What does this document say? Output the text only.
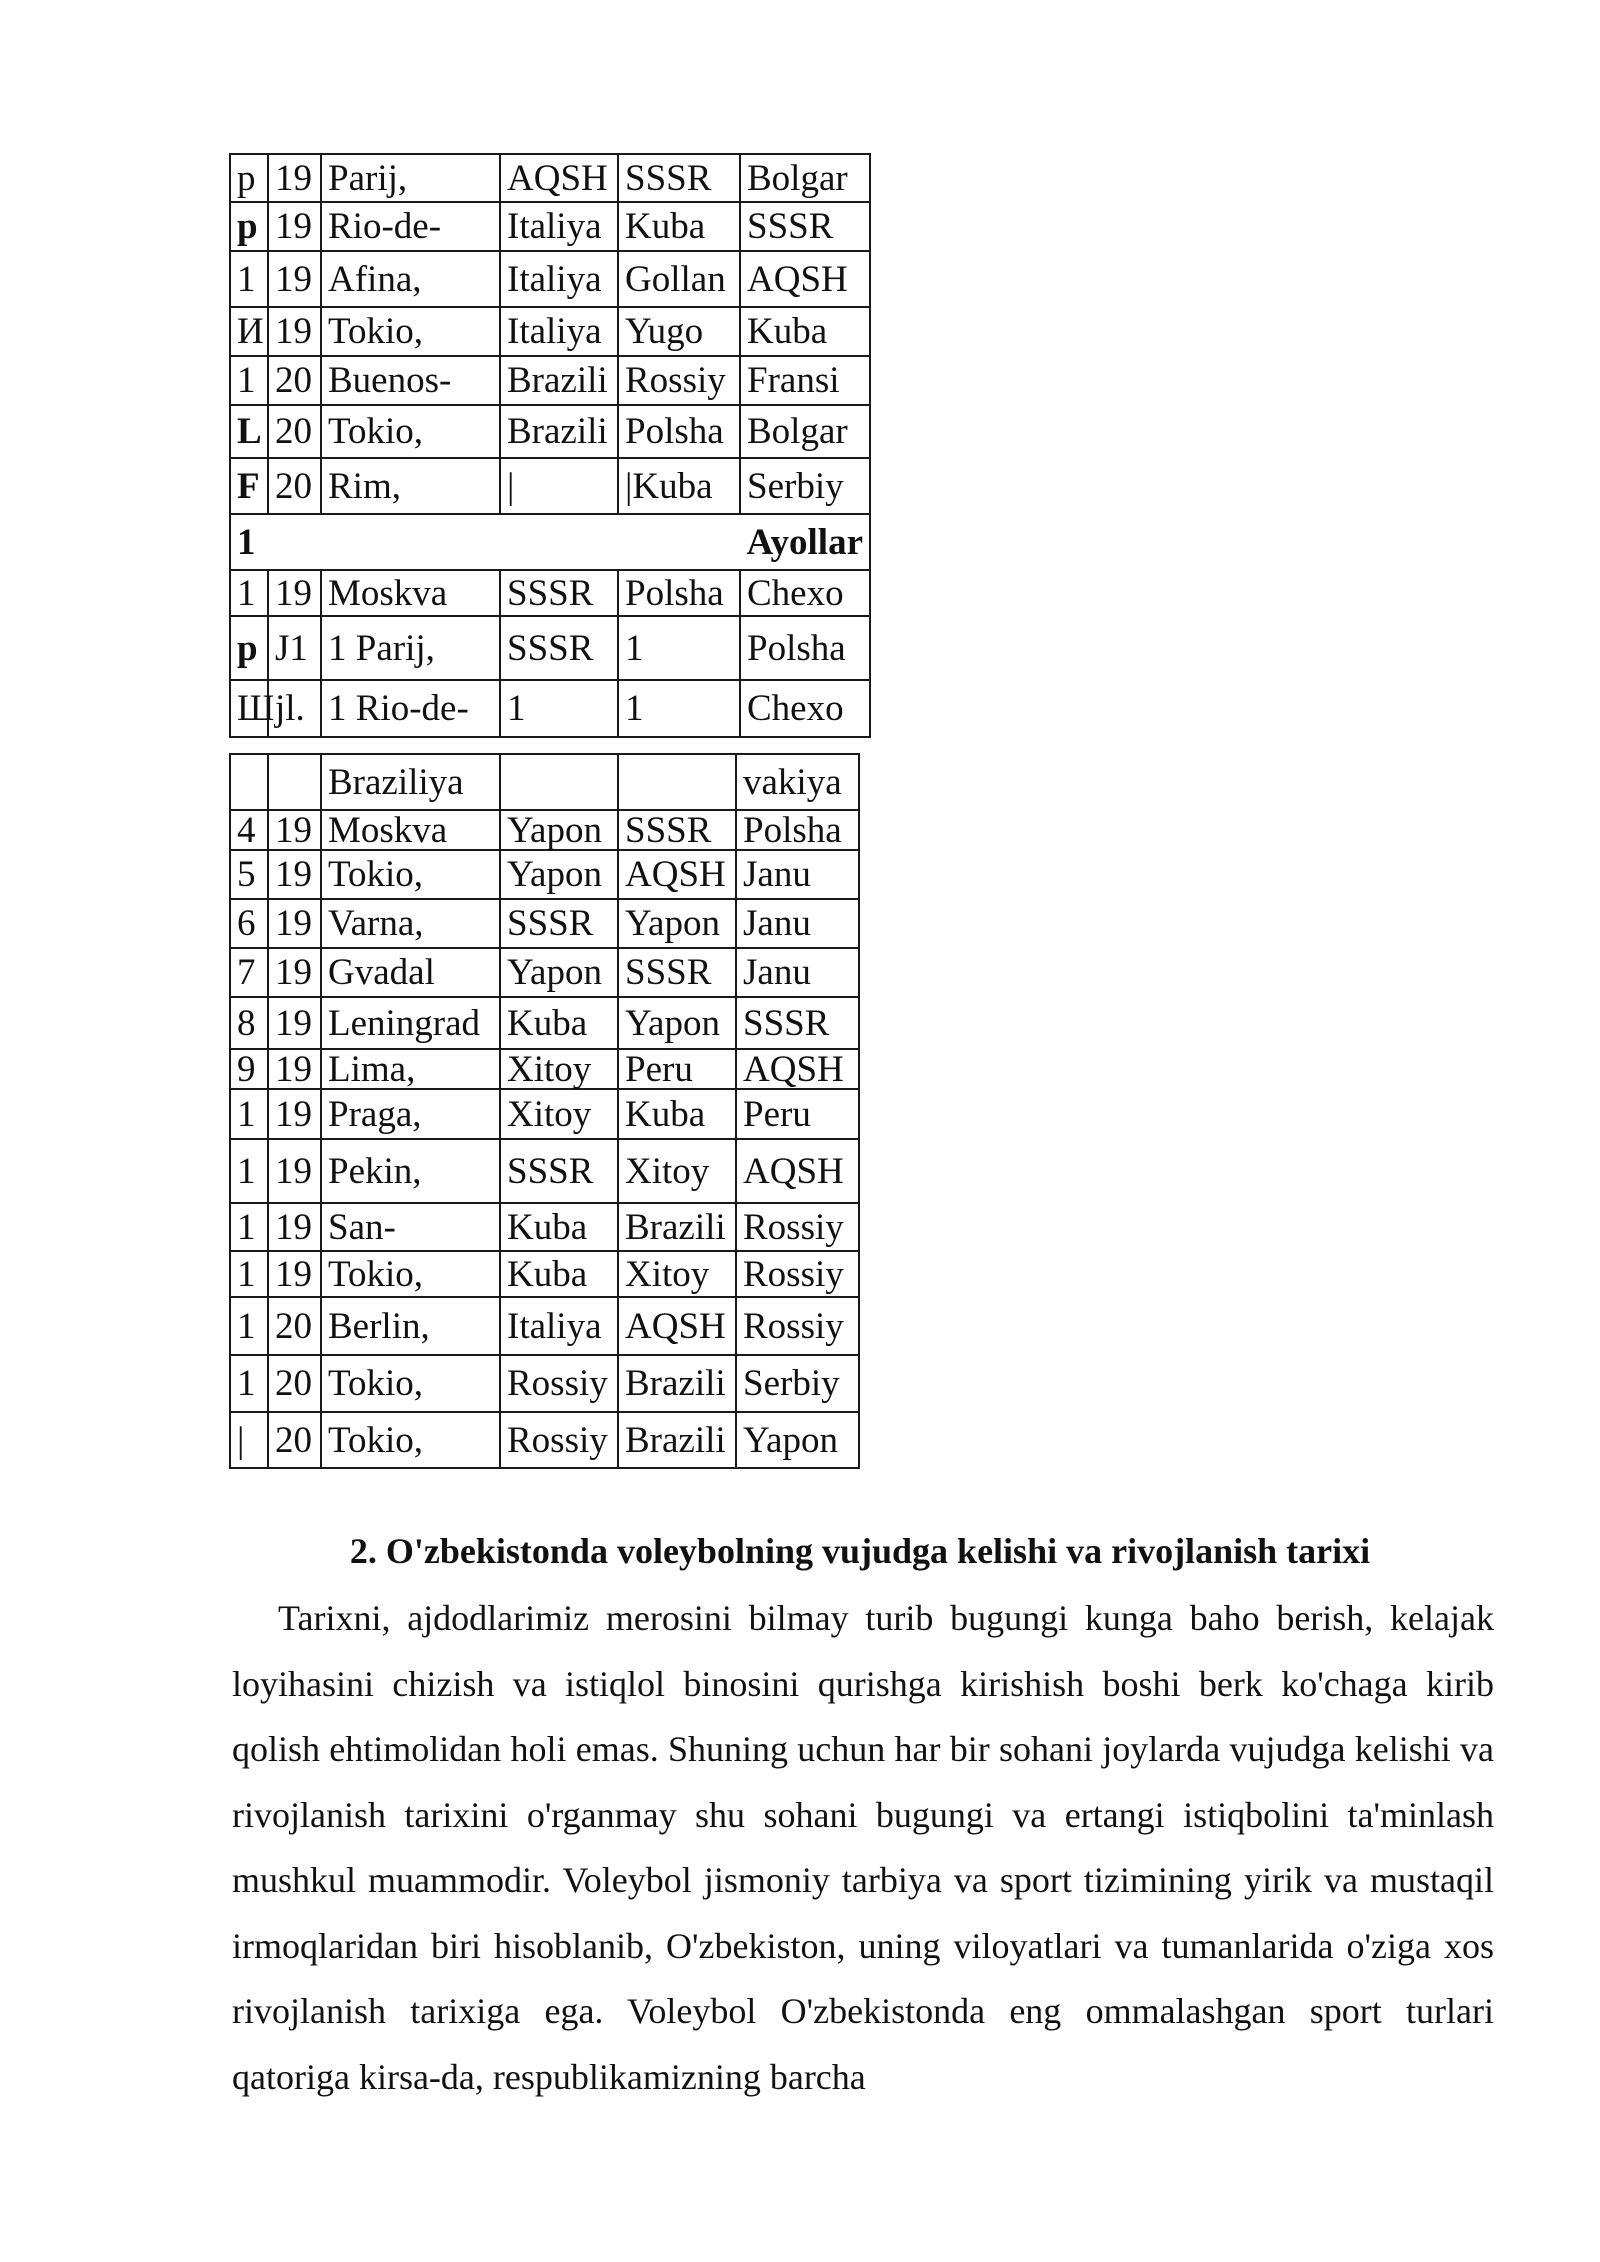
p	19	Parij,	AQSH	SSSR	Bolgar
p	19	Rio-de-	Italiya	Kuba	SSSR
1	19	Afina,	Italiya	Gollan	AQSH
И	19	Tokio,	Italiya	Yugo	Kuba
1	20	Buenos-	Brazili	Rossiy	Fransi
L	20	Tokio,	Brazili	Polsha	Bolgar
F	20	Rim,	|	|Kuba	Serbiy
1	Ayollar				
1	19	Moskva	SSSR	Polsha	Chexo
p	J1	1 Parij,	SSSR	1	Polsha
Ш	jl.	1 Rio-de-	1	1	Chexo
		Braziliya			vakiya
4	19	Moskva	Yapon	SSSR	Polsha
5	19	Tokio,	Yapon	AQSH	Janu
6	19	Varna,	SSSR	Yapon	Janu
7	19	Gvadal	Yapon	SSSR	Janu
8	19	Leningrad	Kuba	Yapon	SSSR
9	19	Lima,	Xitoy	Peru	AQSH
1	19	Praga,	Xitoy	Kuba	Peru
1	19	Pekin,	SSSR	Xitoy	AQSH
1	19	San-	Kuba	Brazili	Rossiy
1	19	Tokio,	Kuba	Xitoy	Rossiy
1	20	Berlin,	Italiya	AQSH	Rossiy
1	20	Tokio,	Rossiy	Brazili	Serbiy
|	20	Tokio,	Rossiy	Brazili	Yapon
2. O'zbekistonda voleybolning vujudga kelishi va rivojlanish tarixi
Tarixni, ajdodlarimiz merosini bilmay turib bugungi kunga baho berish, kelajak loyihasini chizish va istiqlol binosini qurishga kirishish boshi berk ko'chaga kirib qolish ehtimolidan holi emas. Shuning uchun har bir sohani joylarda vujudga kelishi va rivojlanish tarixini o'rganmay shu sohani bugungi va ertangi istiqbolini ta'minlash mushkul muammodir. Voleybol jismoniy tarbiya va sport tizimining yirik va mustaqil irmoqlaridan biri hisoblanib, O'zbekiston, uning viloyatlari va tumanlarida o'ziga xos rivojlanish tarixiga ega. Voleybol O'zbekistonda eng ommalashgan sport turlari qatoriga kirsa-da, respublikamizning barcha
